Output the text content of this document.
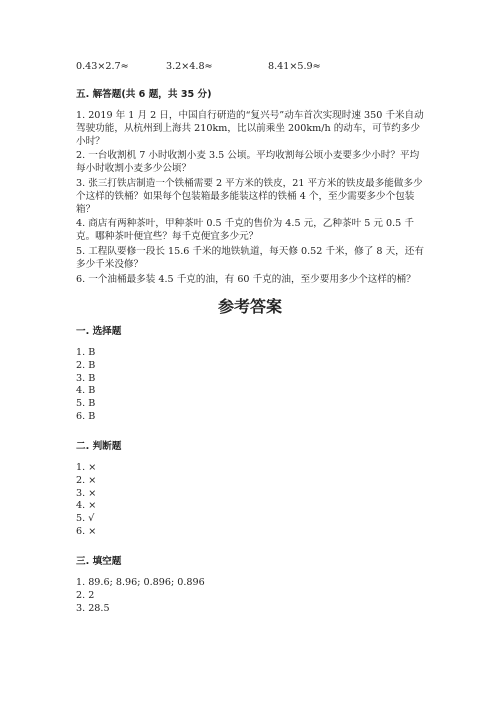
0.43×2.7≈	3.2×4.8≈	8.41×5.9≈
五. 解答题(共 6 题，共 35 分)
1. 2019 年 1 月 2 日，中国自行研造的“复兴号”动车首次实现时速 350 千米自动驾驶功能，从杭州到上海共 210km，比以前乘坐 200km/h 的动车，可节约多少小时？
2. 一台收割机 7 小时收割小麦 3.5 公顷。平均收割每公顷小麦要多少小时？平均每小时收割小麦多少公顷？
3. 张三打铁店制造一个铁桶需要 2 平方米的铁皮，21 平方米的铁皮最多能做多少个这样的铁桶？如果每个包装箱最多能装这样的铁桶 4 个，至少需要多少个包装箱？
4. 商店有两种茶叶，甲种茶叶 0.5 千克的售价为 4.5 元，乙种茶叶 5 元 0.5 千克。哪种茶叶便宜些？每千克便宜多少元？
5. 工程队要修一段长 15.6 千米的地铁轨道，每天修 0.52 千米，修了 8 天，还有多少千米没修？
6. 一个油桶最多装 4.5 千克的油，有 60 千克的油，至少要用多少个这样的桶？
参考答案
一. 选择题
1. B
2. B
3. B
4. B
5. B
6. B
二. 判断题
1. ×
2. ×
3. ×
4. ×
5. √
6. ×
三. 填空题
1. 89.6; 8.96; 0.896; 0.896
2. 2
3. 28.5
